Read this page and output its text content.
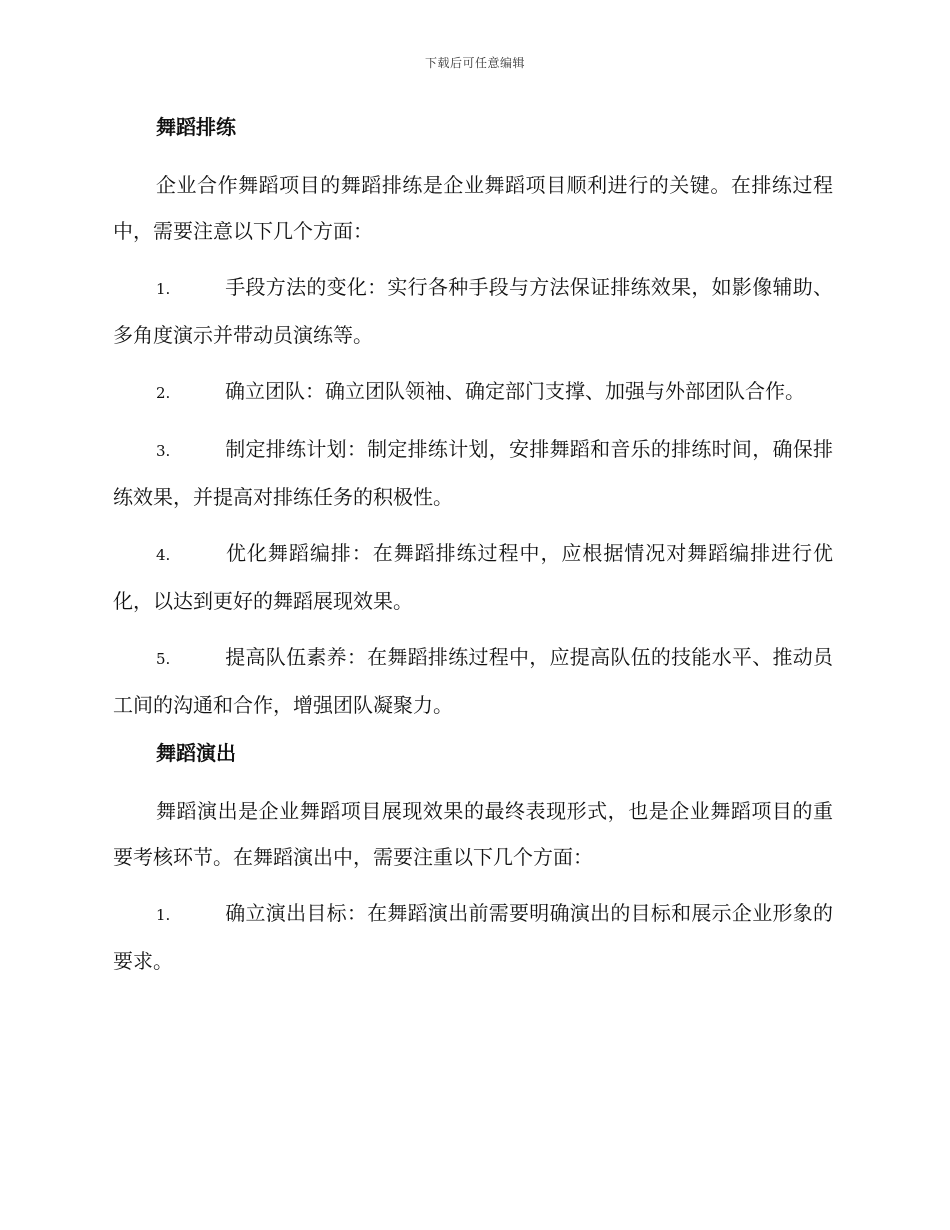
下载后可任意编辑
舞蹈排练

企业合作舞蹈项目的舞蹈排练是企业舞蹈项目顺利进行的关键。在排练过程中，需要注意以下几个方面：

1.	手段方法的变化：实行各种手段与方法保证排练效果，如影像辅助、多角度演示并带动员演练等。

2.	确立团队：确立团队领袖、确定部门支撑、加强与外部团队合作。

3.	制定排练计划：制定排练计划，安排舞蹈和音乐的排练时间，确保排练效果，并提高对排练任务的积极性。

4.	优化舞蹈编排：在舞蹈排练过程中，应根据情况对舞蹈编排进行优化，以达到更好的舞蹈展现效果。

5.	提高队伍素养：在舞蹈排练过程中，应提高队伍的技能水平、推动员工间的沟通和合作，增强团队凝聚力。

舞蹈演出

舞蹈演出是企业舞蹈项目展现效果的最终表现形式，也是企业舞蹈项目的重要考核环节。在舞蹈演出中，需要注重以下几个方面：

1.	确立演出目标：在舞蹈演出前需要明确演出的目标和展示企业形象的要求。
